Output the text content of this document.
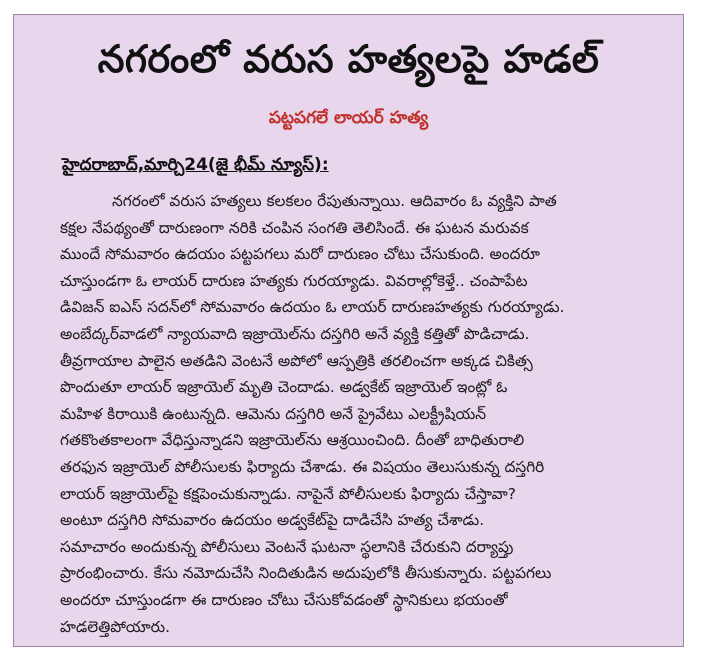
నగరంలో వరుస హత్యలపై హడల్
పట్టపగలే లాయర్ హత్య
హైదరాబాద్,మార్చి24(జై భీమ్ న్యూస్):
నగరంలో వరుస హత్యలు కలకలం రేపుతున్నాయి. ఆదివారం ఓ వ్యక్తిని పాత
కక్షల నేపథ్యంతో దారుణంగా నరికి చంపిన సంగతి తెలిసిందే. ఈ ఘటన మరువక
ముందే సోమవారం ఉదయం పట్టపగలు మరో దారుణం చోటు చేసుకుంది. అందరూ
చూస్తుండగా ఓ లాయర్ దారుణ హత్యకు గురయ్యాడు. వివరాల్లోకెళ్తే.. చంపాపేట
డివిజన్ ఐఎస్ సదన్‌లో సోమవారం ఉదయం ఓ లాయర్ దారుణహత్యకు గురయ్యాడు.
అంబేద్కర్‌వాడలో న్యాయవాది ఇజ్రాయెల్‌ను దస్తగిరి అనే వ్యక్తి కత్తితో పొడిచాడు.
తీవ్రగాయాల పాలైన అతడిని వెంటనే అపోలో ఆస్పత్రికి తరలించగా అక్కడ చికిత్స
పొందుతూ లాయర్ ఇజ్రాయెల్ మృతి చెందాడు. అడ్వకేట్ ఇజ్రాయెల్ ఇంట్లో ఓ
మహిళ కిరాయికి ఉంటున్నది. ఆమెను దస్తగిరి అనే ప్రైవేటు ఎలక్ట్రీషియన్
గతకొంతకాలంగా వేధిస్తున్నాడని ఇజ్రాయెల్‌ను ఆశ్రయించింది. దీంతో బాధితురాలి
తరఫున ఇజ్రాయెల్ పోలీసులకు ఫిర్యాదు చేశాడు. ఈ విషయం తెలుసుకున్న దస్తగిరి
లాయర్ ఇజ్రాయెల్‌పై కక్షపెంచుకున్నాడు. నాపైనే పోలీసులకు ఫిర్యాదు చేస్తావా?
అంటూ దస్తగిరి సోమవారం ఉదయం అడ్వకేట్‌పై దాడిచేసి హత్య చేశాడు.
సమాచారం అందుకున్న పోలీసులు వెంటనే ఘటనా స్థలానికి చేరుకుని దర్యాప్తు
ప్రారంభించారు. కేసు నమోదుచేసి నిందితుడిన అదుపులోకి తీసుకున్నారు. పట్టపగలు
అందరూ చూస్తుండగా ఈ దారుణం చోటు చేసుకోవడంతో స్థానికులు భయంతో
హడలెత్తిపోయారు.
